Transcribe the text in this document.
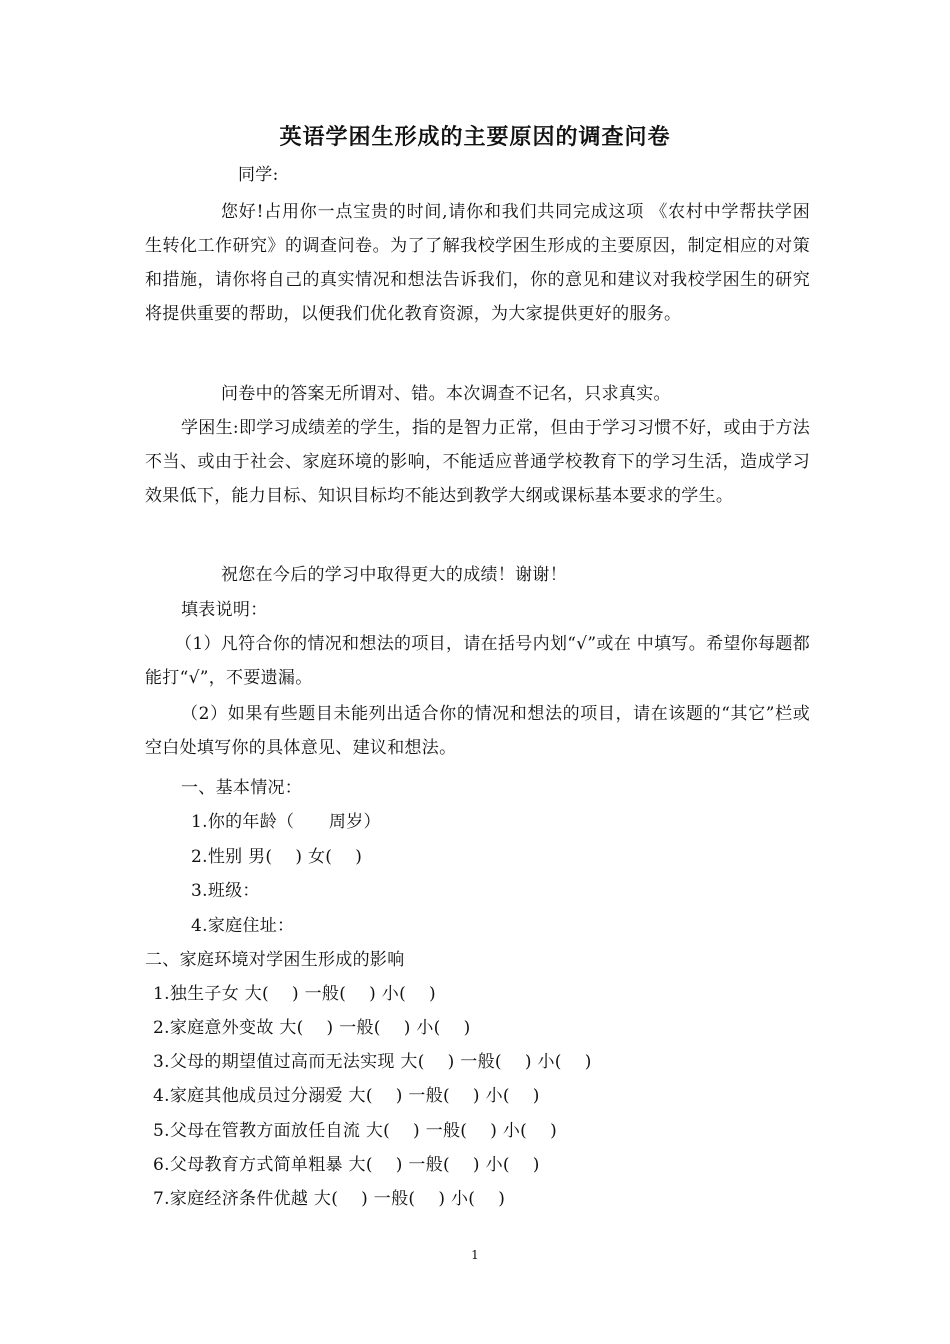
英语学困生形成的主要原因的调查问卷
同学:
您好!占用你一点宝贵的时间,请你和我们共同完成这项 《农村中学帮扶学困生转化工作研究》的调查问卷。为了了解我校学困生形成的主要原因，制定相应的对策和措施，请你将自己的真实情况和想法告诉我们，你的意见和建议对我校学困生的研究将提供重要的帮助，以便我们优化教育资源，为大家提供更好的服务。
问卷中的答案无所谓对、错。本次调查不记名，只求真实。
学困生:即学习成绩差的学生，指的是智力正常，但由于学习习惯不好，或由于方法不当、或由于社会、家庭环境的影响，不能适应普通学校教育下的学习生活，造成学习效果低下，能力目标、知识目标均不能达到教学大纲或课标基本要求的学生。
祝您在今后的学习中取得更大的成绩！谢谢！
填表说明：
（1）凡符合你的情况和想法的项目，请在括号内划“√”或在 中填写。希望你每题都能打“√”，不要遗漏。
（2）如果有些题目未能列出适合你的情况和想法的项目，请在该题的“其它”栏或空白处填写你的具体意见、建议和想法。
一、基本情况：
1.你的年龄（　　周岁）
2.性别 男(　 ) 女(　 )
3.班级：
4.家庭住址：
二、家庭环境对学困生形成的影响
1.独生子女 大(　 ) 一般(　 ) 小(　 )
2.家庭意外变故 大(　 ) 一般(　 ) 小(　 )
3.父母的期望值过高而无法实现 大(　 ) 一般(　 ) 小(　 )
4.家庭其他成员过分溺爱 大(　 ) 一般(　 ) 小(　 )
5.父母在管教方面放任自流 大(　 ) 一般(　 ) 小(　 )
6.父母教育方式简单粗暴 大(　 ) 一般(　 ) 小(　 )
7.家庭经济条件优越 大(　 ) 一般(　 ) 小(　 )
1
